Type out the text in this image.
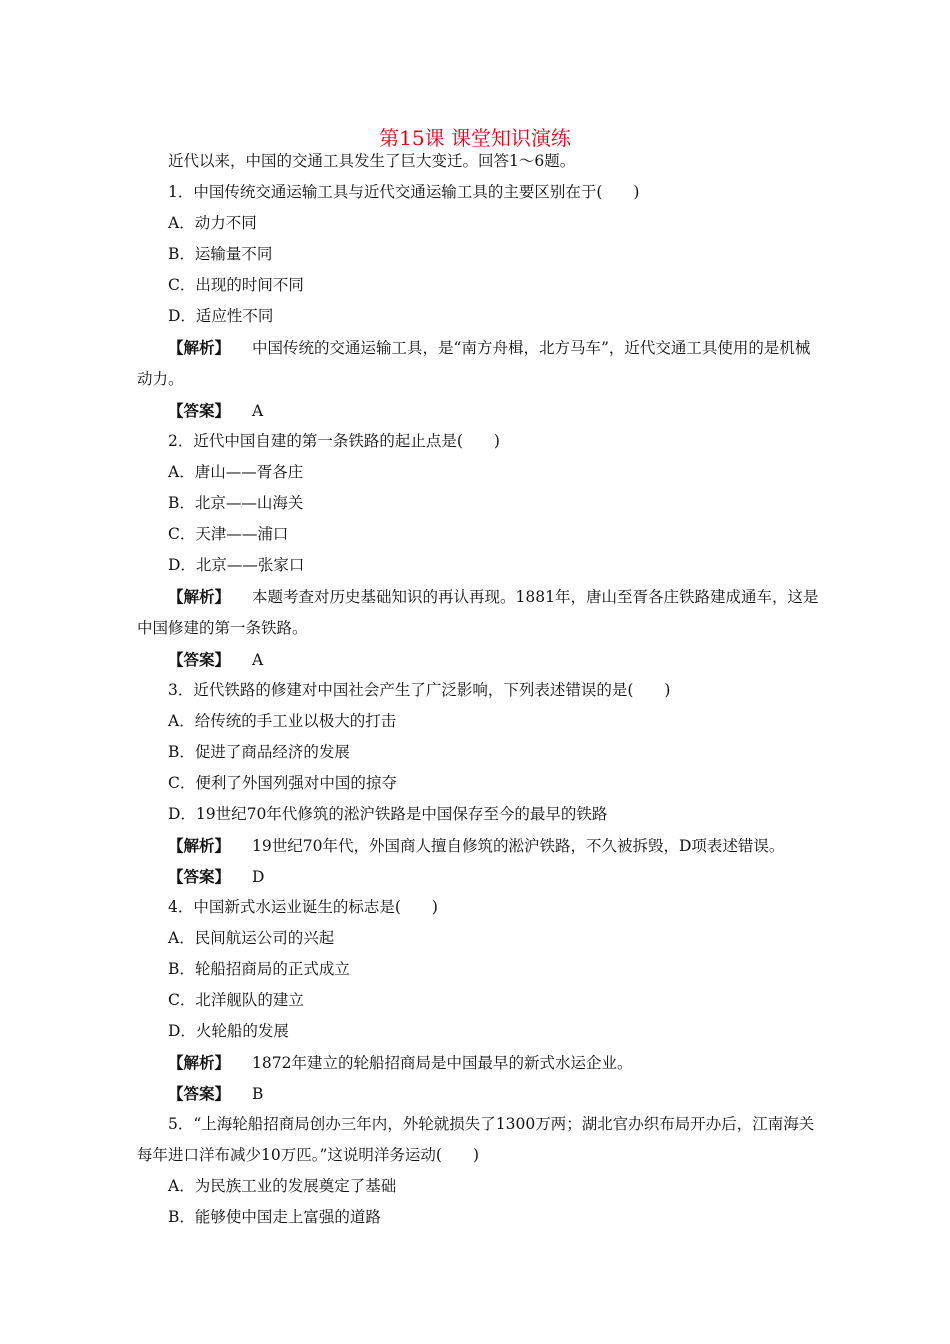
第15课 课堂知识演练
近代以来，中国的交通工具发生了巨大变迁。回答1～6题。
1．中国传统交通运输工具与近代交通运输工具的主要区别在于(　　)
A．动力不同
B．运输量不同
C．出现的时间不同
D．适应性不同
【解析】 中国传统的交通运输工具，是“南方舟楫，北方马车”，近代交通工具使用的是机械动力。
【答案】 A
2．近代中国自建的第一条铁路的起止点是(　　)
A．唐山——胥各庄
B．北京——山海关
C．天津——浦口
D．北京——张家口
【解析】 本题考查对历史基础知识的再认再现。1881年，唐山至胥各庄铁路建成通车，这是中国修建的第一条铁路。
【答案】 A
3．近代铁路的修建对中国社会产生了广泛影响，下列表述错误的是(　　)
A．给传统的手工业以极大的打击
B．促进了商品经济的发展
C．便利了外国列强对中国的掠夺
D．19世纪70年代修筑的淞沪铁路是中国保存至今的最早的铁路
【解析】 19世纪70年代，外国商人擅自修筑的淞沪铁路，不久被拆毁，D项表述错误。
【答案】 D
4．中国新式水运业诞生的标志是(　　)
A．民间航运公司的兴起
B．轮船招商局的正式成立
C．北洋舰队的建立
D．火轮船的发展
【解析】 1872年建立的轮船招商局是中国最早的新式水运企业。
【答案】 B
5．“上海轮船招商局创办三年内，外轮就损失了1300万两；湖北官办织布局开办后，江南海关每年进口洋布减少10万匹。”这说明洋务运动(　　)
A．为民族工业的发展奠定了基础
B．能够使中国走上富强的道路
